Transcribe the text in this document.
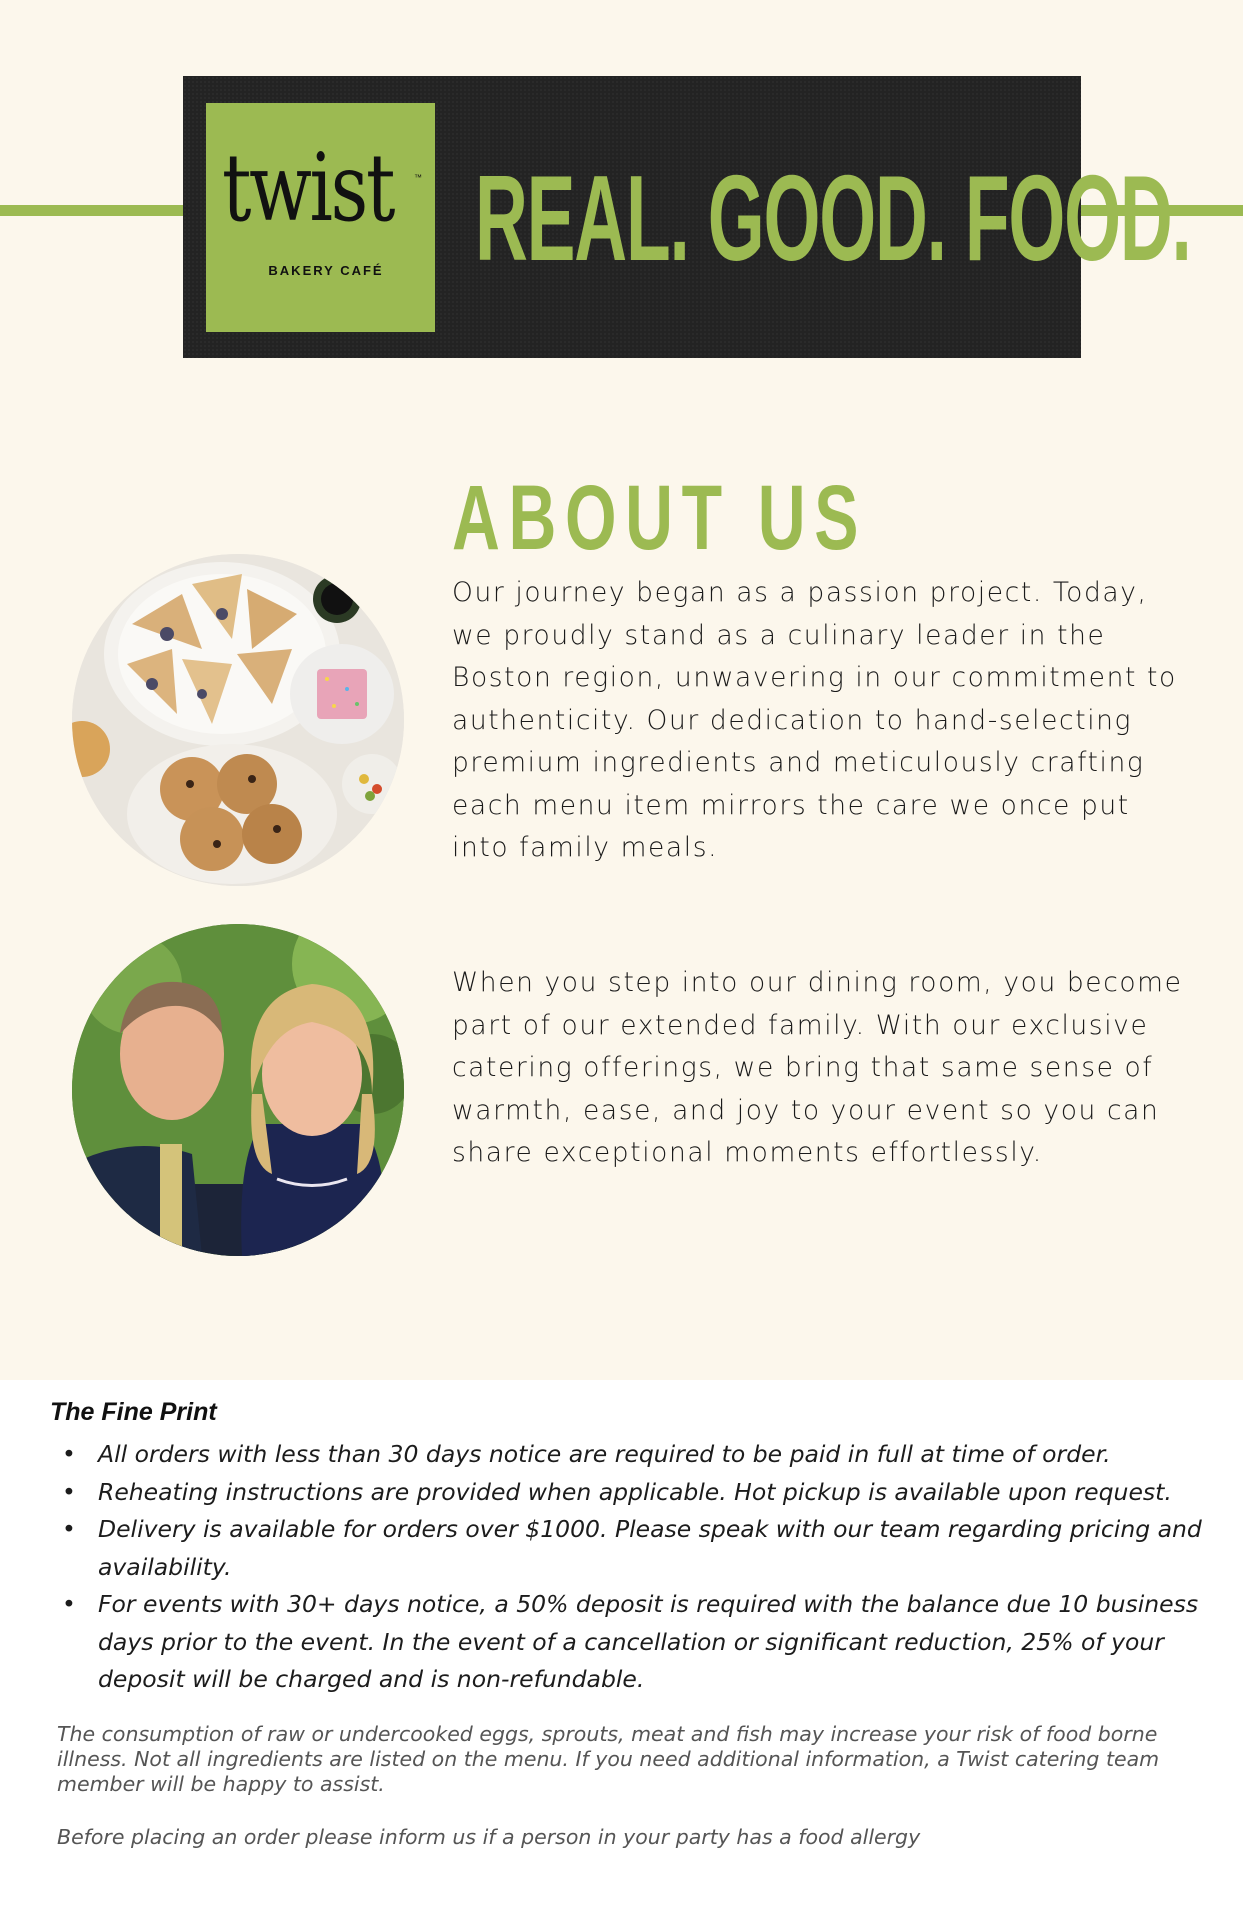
twist	™
BAKERY CAFÉ REAL. GOOD. FOOD.
ABOUT US
Our journey began as a passion project. Today, we proudly stand as a culinary leader in the Boston region, unwavering in our commitment to authenticity. Our dedication to hand-selecting premium ingredients and meticulously crafting each menu item mirrors the care we once put into family meals.
When you step into our dining room, you become part of our extended family. With our exclusive catering offerings, we bring that same sense of warmth, ease, and joy to your event so you can share exceptional moments effortlessly.
The Fine Print
• All orders with less than 30 days notice are required to be paid in full at time of order.
• Reheating instructions are provided when applicable. Hot pickup is available upon request.
• Delivery is available for orders over $1000. Please speak with our team regarding pricing and availability.
• For events with 30+ days notice, a 50% deposit is required with the balance due 10 business days prior to the event. In the event of a cancellation or significant reduction, 25% of your deposit will be charged and is non-refundable.
The consumption of raw or undercooked eggs, sprouts, meat and fish may increase your risk of food borne illness. Not all ingredients are listed on the menu. If you need additional information, a Twist catering team member will be happy to assist.
Before placing an order please inform us if a person in your party has a food allergy
